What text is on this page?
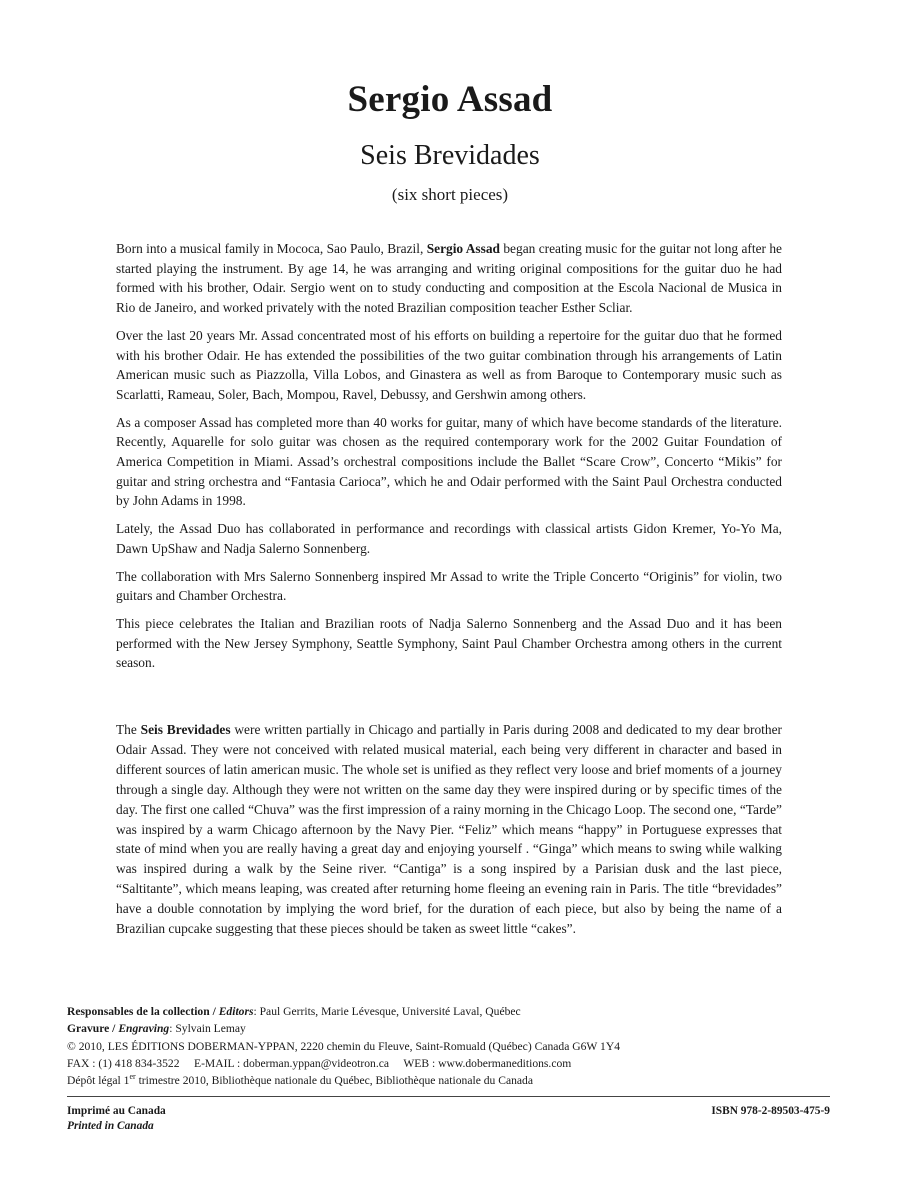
Sergio Assad
Seis Brevidades
(six short pieces)

Born into a musical family in Mococa, Sao Paulo, Brazil, Sergio Assad began creating music for the guitar not long after he started playing the instrument. By age 14, he was arranging and writing original compositions for the guitar duo he had formed with his brother, Odair. Sergio went on to study conducting and composition at the Escola Nacional de Musica in Rio de Janeiro, and worked privately with the noted Brazilian composition teacher Esther Scliar.

Over the last 20 years Mr. Assad concentrated most of his efforts on building a repertoire for the guitar duo that he formed with his brother Odair. He has extended the possibilities of the two guitar combination through his arrangements of Latin American music such as Piazzolla, Villa Lobos, and Ginastera as well as from Baroque to Contemporary music such as Scarlatti, Rameau, Soler, Bach, Mompou, Ravel, Debussy, and Gershwin among others.

As a composer Assad has completed more than 40 works for guitar, many of which have become standards of the literature. Recently, Aquarelle for solo guitar was chosen as the required contemporary work for the 2002 Guitar Foundation of America Competition in Miami. Assad’s orchestral compositions include the Ballet “Scare Crow”, Concerto “Mikis” for guitar and string orchestra and “Fantasia Carioca”, which he and Odair performed with the Saint Paul Orchestra conducted by John Adams in 1998.

Lately, the Assad Duo has collaborated in performance and recordings with classical artists Gidon Kremer, Yo-Yo Ma, Dawn UpShaw and Nadja Salerno Sonnenberg.

The collaboration with Mrs Salerno Sonnenberg inspired Mr Assad to write the Triple Concerto “Originis” for violin, two guitars and Chamber Orchestra.

This piece celebrates the Italian and Brazilian roots of Nadja Salerno Sonnenberg and the Assad Duo and it has been performed with the New Jersey Symphony, Seattle Symphony, Saint Paul Chamber Orchestra among others in the current season.

The Seis Brevidades were written partially in Chicago and partially in Paris during 2008 and dedicated to my dear brother Odair Assad. They were not conceived with related musical material, each being very different in character and based in different sources of latin american music. The whole set is unified as they reflect very loose and brief moments of a journey through a single day. Although they were not written on the same day they were inspired during or by specific times of the day. The first one called “Chuva” was the first impression of a rainy morning in the Chicago Loop. The second one, “Tarde” was inspired by a warm Chicago afternoon by the Navy Pier. “Feliz” which means “happy” in Portuguese expresses that state of mind when you are really having a great day and enjoying yourself . “Ginga” which means to swing while walking was inspired during a walk by the Seine river. “Cantiga” is a song inspired by a Parisian dusk and the last piece, “Saltitante”, which means leaping, was created after returning home fleeing an evening rain in Paris. The title “brevidades” have a double connotation by implying the word brief, for the duration of each piece, but also by being the name of a Brazilian cupcake suggesting that these pieces should be taken as sweet little “cakes”.

Responsables de la collection / Editors: Paul Gerrits, Marie Lévesque, Université Laval, Québec
Gravure / Engraving: Sylvain Lemay
© 2010, LES ÉDITIONS DOBERMAN-YPPAN, 2220 chemin du Fleuve, Saint-Romuald (Québec) Canada G6W 1Y4
FAX : (1) 418 834-3522     E-MAIL : doberman.yppan@videotron.ca     WEB : www.dobermaneditions.com
Dépôt légal 1er trimestre 2010, Bibliothèque nationale du Québec, Bibliothèque nationale du Canada
Imprimé au Canada
Printed in Canada
ISBN 978-2-89503-475-9
